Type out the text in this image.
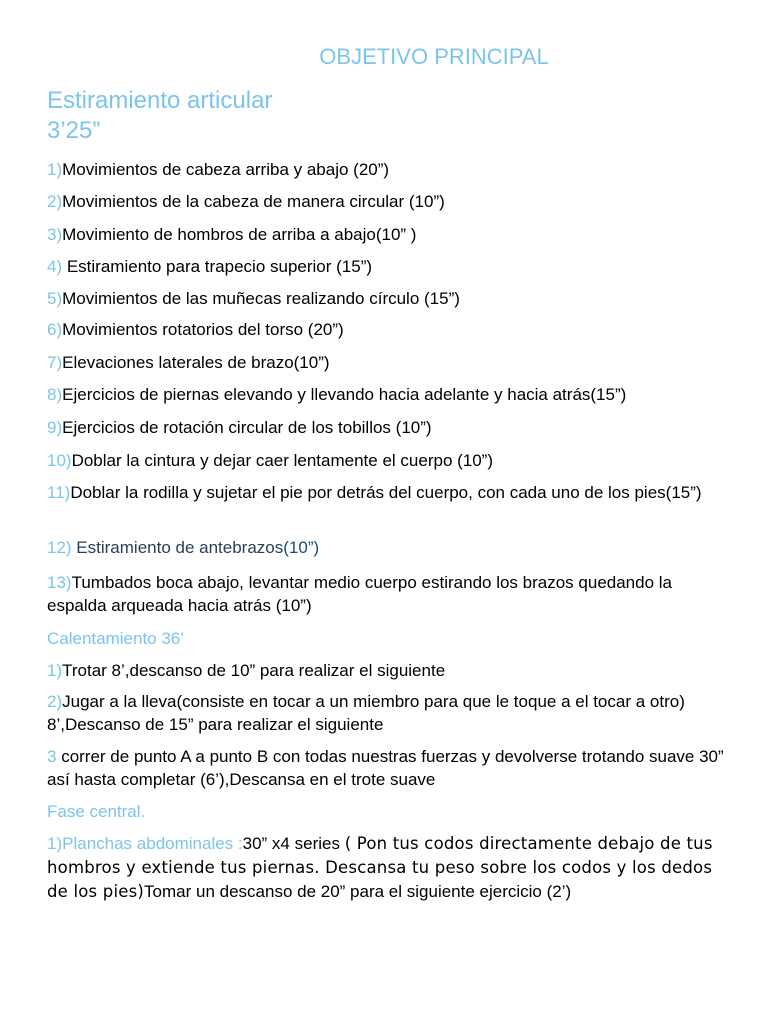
OBJETIVO PRINCIPAL
Estiramiento articular
3’25”
1)Movimientos de cabeza arriba y abajo (20”)
2)Movimientos de la cabeza de manera circular (10”)
3)Movimiento de hombros de arriba a abajo(10” )
4) Estiramiento para trapecio superior (15”)
5)Movimientos de las muñecas realizando círculo (15”)
6)Movimientos rotatorios del torso (20”)
7)Elevaciones laterales de brazo(10”)
8)Ejercicios de piernas elevando y llevando hacia adelante y hacia atrás(15”)
9)Ejercicios de rotación circular de los tobillos (10”)
10)Doblar la cintura y dejar caer lentamente el cuerpo (10”)
11)Doblar la rodilla y sujetar el pie por detrás del cuerpo, con cada uno de los pies(15”)
12) Estiramiento de antebrazos(10”)
13)Tumbados boca abajo, levantar medio cuerpo estirando los brazos quedando la espalda arqueada hacia atrás (10”)
Calentamiento 36’
1)Trotar 8’,descanso de 10” para realizar el siguiente
2)Jugar a la lleva(consiste en tocar a un miembro para que le toque a el tocar a otro) 8’,Descanso de 15” para realizar el siguiente
3 correr de punto A a punto B con todas nuestras fuerzas y devolverse trotando suave 30” así hasta completar (6’),Descansa en el trote suave
Fase central.
1)Planchas abdominales :30” x4 series ( Pon tus codos directamente debajo de tus hombros y extiende tus piernas. Descansa tu peso sobre los codos y los dedos de los pies)Tomar un descanso de 20” para el siguiente ejercicio (2’)
